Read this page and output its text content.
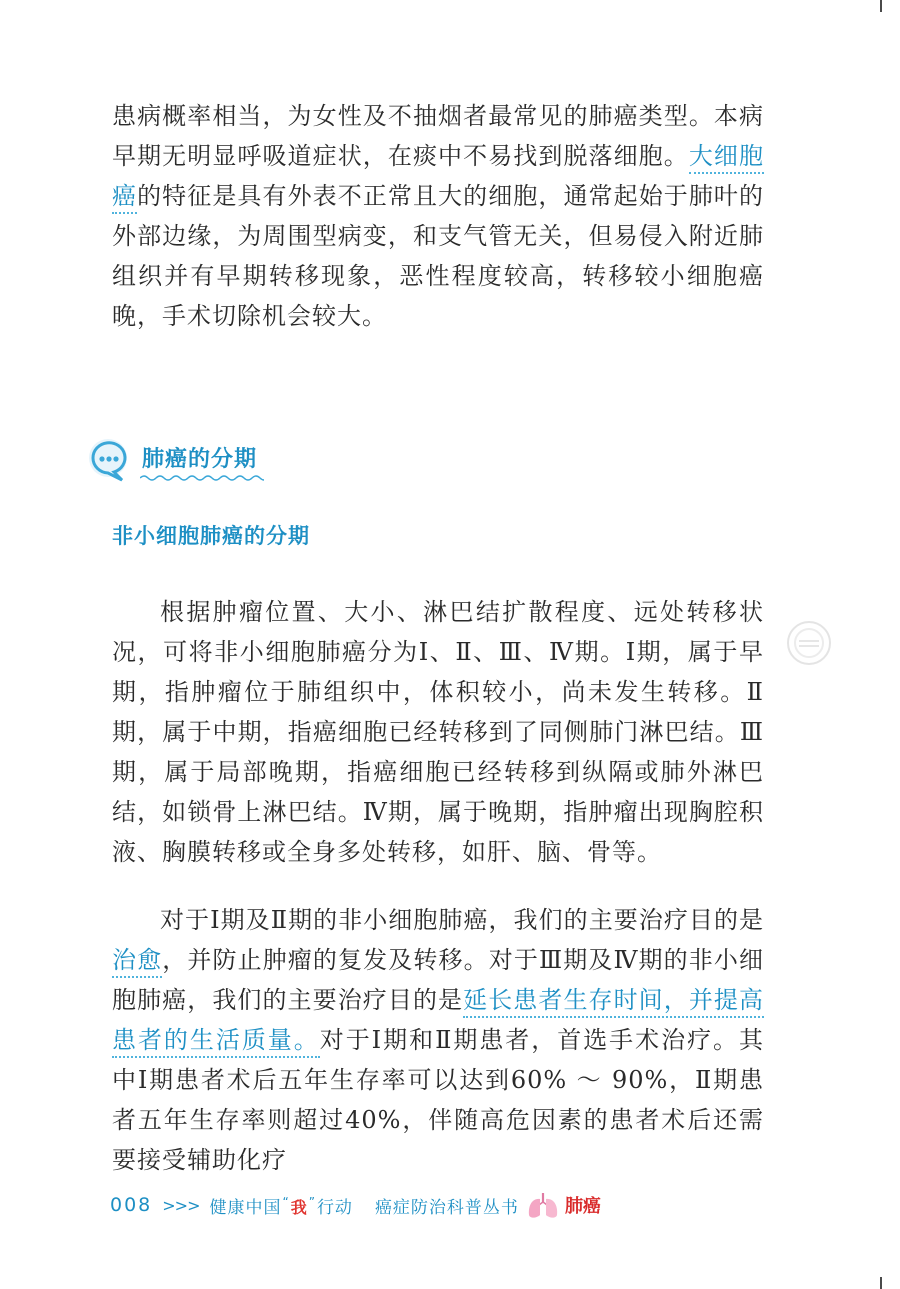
患病概率相当，为女性及不抽烟者最常见的肺癌类型。本病早期无明显呼吸道症状，在痰中不易找到脱落细胞。大细胞癌的特征是具有外表不正常且大的细胞，通常起始于肺叶的外部边缘，为周围型病变，和支气管无关，但易侵入附近肺组织并有早期转移现象，恶性程度较高，转移较小细胞癌晚，手术切除机会较大。
肺癌的分期
非小细胞肺癌的分期
根据肿瘤位置、大小、淋巴结扩散程度、远处转移状况，可将非小细胞肺癌分为Ⅰ、Ⅱ、Ⅲ、Ⅳ期。Ⅰ期，属于早期，指肿瘤位于肺组织中，体积较小，尚未发生转移。Ⅱ期，属于中期，指癌细胞已经转移到了同侧肺门淋巴结。Ⅲ期，属于局部晚期，指癌细胞已经转移到纵隔或肺外淋巴结，如锁骨上淋巴结。Ⅳ期，属于晚期，指肿瘤出现胸腔积液、胸膜转移或全身多处转移，如肝、脑、骨等。
对于Ⅰ期及Ⅱ期的非小细胞肺癌，我们的主要治疗目的是治愈，并防止肿瘤的复发及转移。对于Ⅲ期及Ⅳ期的非小细胞肺癌，我们的主要治疗目的是延长患者生存时间，并提高患者的生活质量。对于Ⅰ期和Ⅱ期患者，首选手术治疗。其中Ⅰ期患者术后五年生存率可以达到60% ～ 90%，Ⅱ期患者五年生存率则超过40%，伴随高危因素的患者术后还需要接受辅助化疗
008 >>> 健康中国“我”行动 癌症防治科普丛书	肺癌
